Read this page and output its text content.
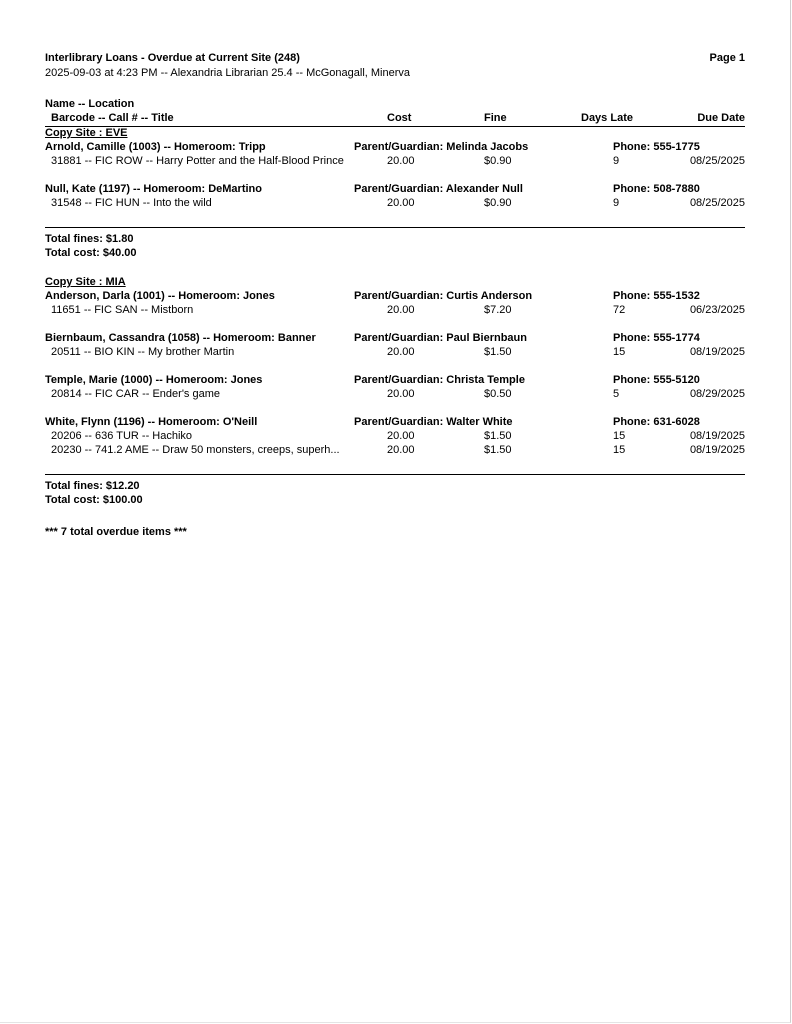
Interlibrary Loans - Overdue at Current Site (248)	Page 1
2025-09-03 at 4:23 PM -- Alexandria Librarian 25.4 -- McGonagall, Minerva
Name -- Location
Barcode -- Call # -- Title	Cost	Fine	Days Late	Due Date
Copy Site : EVE
Arnold, Camille (1003) -- Homeroom: Tripp	Parent/Guardian: Melinda Jacobs	Phone: 555-1775
31881 -- FIC ROW -- Harry Potter and the Half-Blood Prince	20.00	$0.90	9	08/25/2025
Null, Kate (1197) -- Homeroom: DeMartino	Parent/Guardian: Alexander Null	Phone: 508-7880
31548 -- FIC HUN -- Into the wild	20.00	$0.90	9	08/25/2025
Total fines: $1.80
Total cost: $40.00
Copy Site : MIA
Anderson, Darla (1001) -- Homeroom: Jones	Parent/Guardian: Curtis Anderson	Phone: 555-1532
11651 -- FIC SAN -- Mistborn	20.00	$7.20	72	06/23/2025
Biernbaum, Cassandra (1058) -- Homeroom: Banner	Parent/Guardian: Paul Biernbaun	Phone: 555-1774
20511 -- BIO KIN -- My brother Martin	20.00	$1.50	15	08/19/2025
Temple, Marie (1000) -- Homeroom: Jones	Parent/Guardian: Christa Temple	Phone: 555-5120
20814 -- FIC CAR -- Ender's game	20.00	$0.50	5	08/29/2025
White, Flynn (1196) -- Homeroom: O'Neill	Parent/Guardian: Walter White	Phone: 631-6028
20206 -- 636 TUR -- Hachiko	20.00	$1.50	15	08/19/2025
20230 -- 741.2 AME -- Draw 50 monsters, creeps, superh...	20.00	$1.50	15	08/19/2025
Total fines: $12.20
Total cost: $100.00
*** 7 total overdue items ***
